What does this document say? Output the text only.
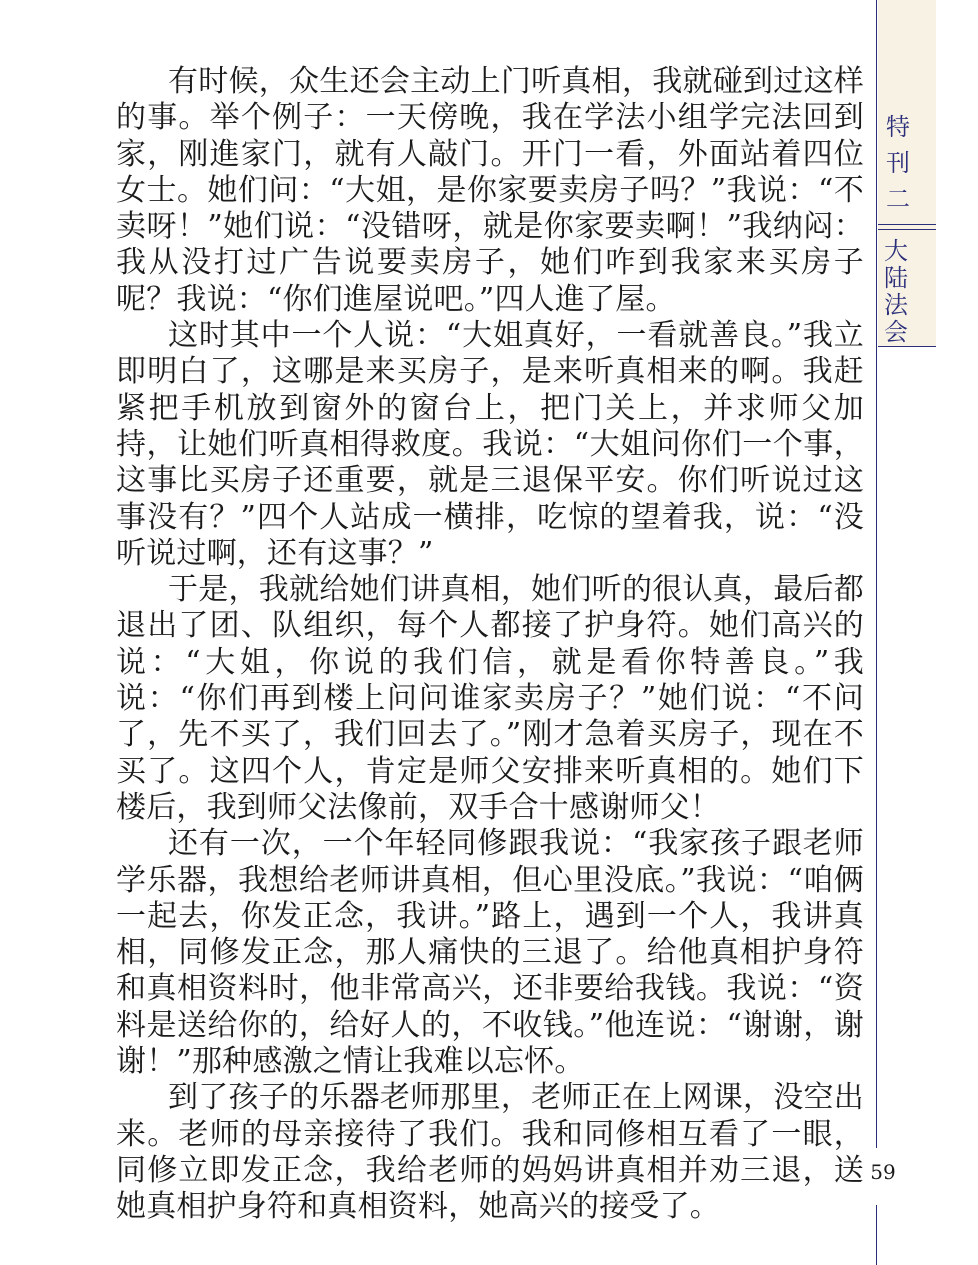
有时候，众生还会主动上门听真相，我就碰到过这样的事。举个例子：一天傍晚，我在学法小组学完法回到家，刚進家门，就有人敲门。开门一看，外面站着四位女士。她们问：“大姐，是你家要卖房子吗？”我说：“不卖呀！”她们说：“没错呀，就是你家要卖啊！”我纳闷：我从没打过广告说要卖房子，她们咋到我家来买房子呢？我说：“你们進屋说吧。”四人進了屋。

这时其中一个人说：“大姐真好，一看就善良。”我立即明白了，这哪是来买房子，是来听真相来的啊。我赶紧把手机放到窗外的窗台上，把门关上，并求师父加持，让她们听真相得救度。我说：“大姐问你们一个事，这事比买房子还重要，就是三退保平安。你们听说过这事没有？”四个人站成一横排，吃惊的望着我，说：“没听说过啊，还有这事？”

于是，我就给她们讲真相，她们听的很认真，最后都退出了团、队组织，每个人都接了护身符。她们高兴的说：“大姐，你说的我们信，就是看你特善良。”我说：“你们再到楼上问问谁家卖房子？”她们说：“不问了，先不买了，我们回去了。”刚才急着买房子，现在不买了。这四个人，肯定是师父安排来听真相的。她们下楼后，我到师父法像前，双手合十感谢师父！

还有一次，一个年轻同修跟我说：“我家孩子跟老师学乐器，我想给老师讲真相，但心里没底。”我说：“咱俩一起去，你发正念，我讲。”路上，遇到一个人，我讲真相，同修发正念，那人痛快的三退了。给他真相护身符和真相资料时，他非常高兴，还非要给我钱。我说：“资料是送给你的，给好人的，不收钱。”他连说：“谢谢，谢谢！”那种感激之情让我难以忘怀。

到了孩子的乐器老师那里，老师正在上网课，没空出来。老师的母亲接待了我们。我和同修相互看了一眼，同修立即发正念，我给老师的妈妈讲真相并劝三退，送她真相护身符和真相资料，她高兴的接受了。

特
刊
二
大陆法会
59
